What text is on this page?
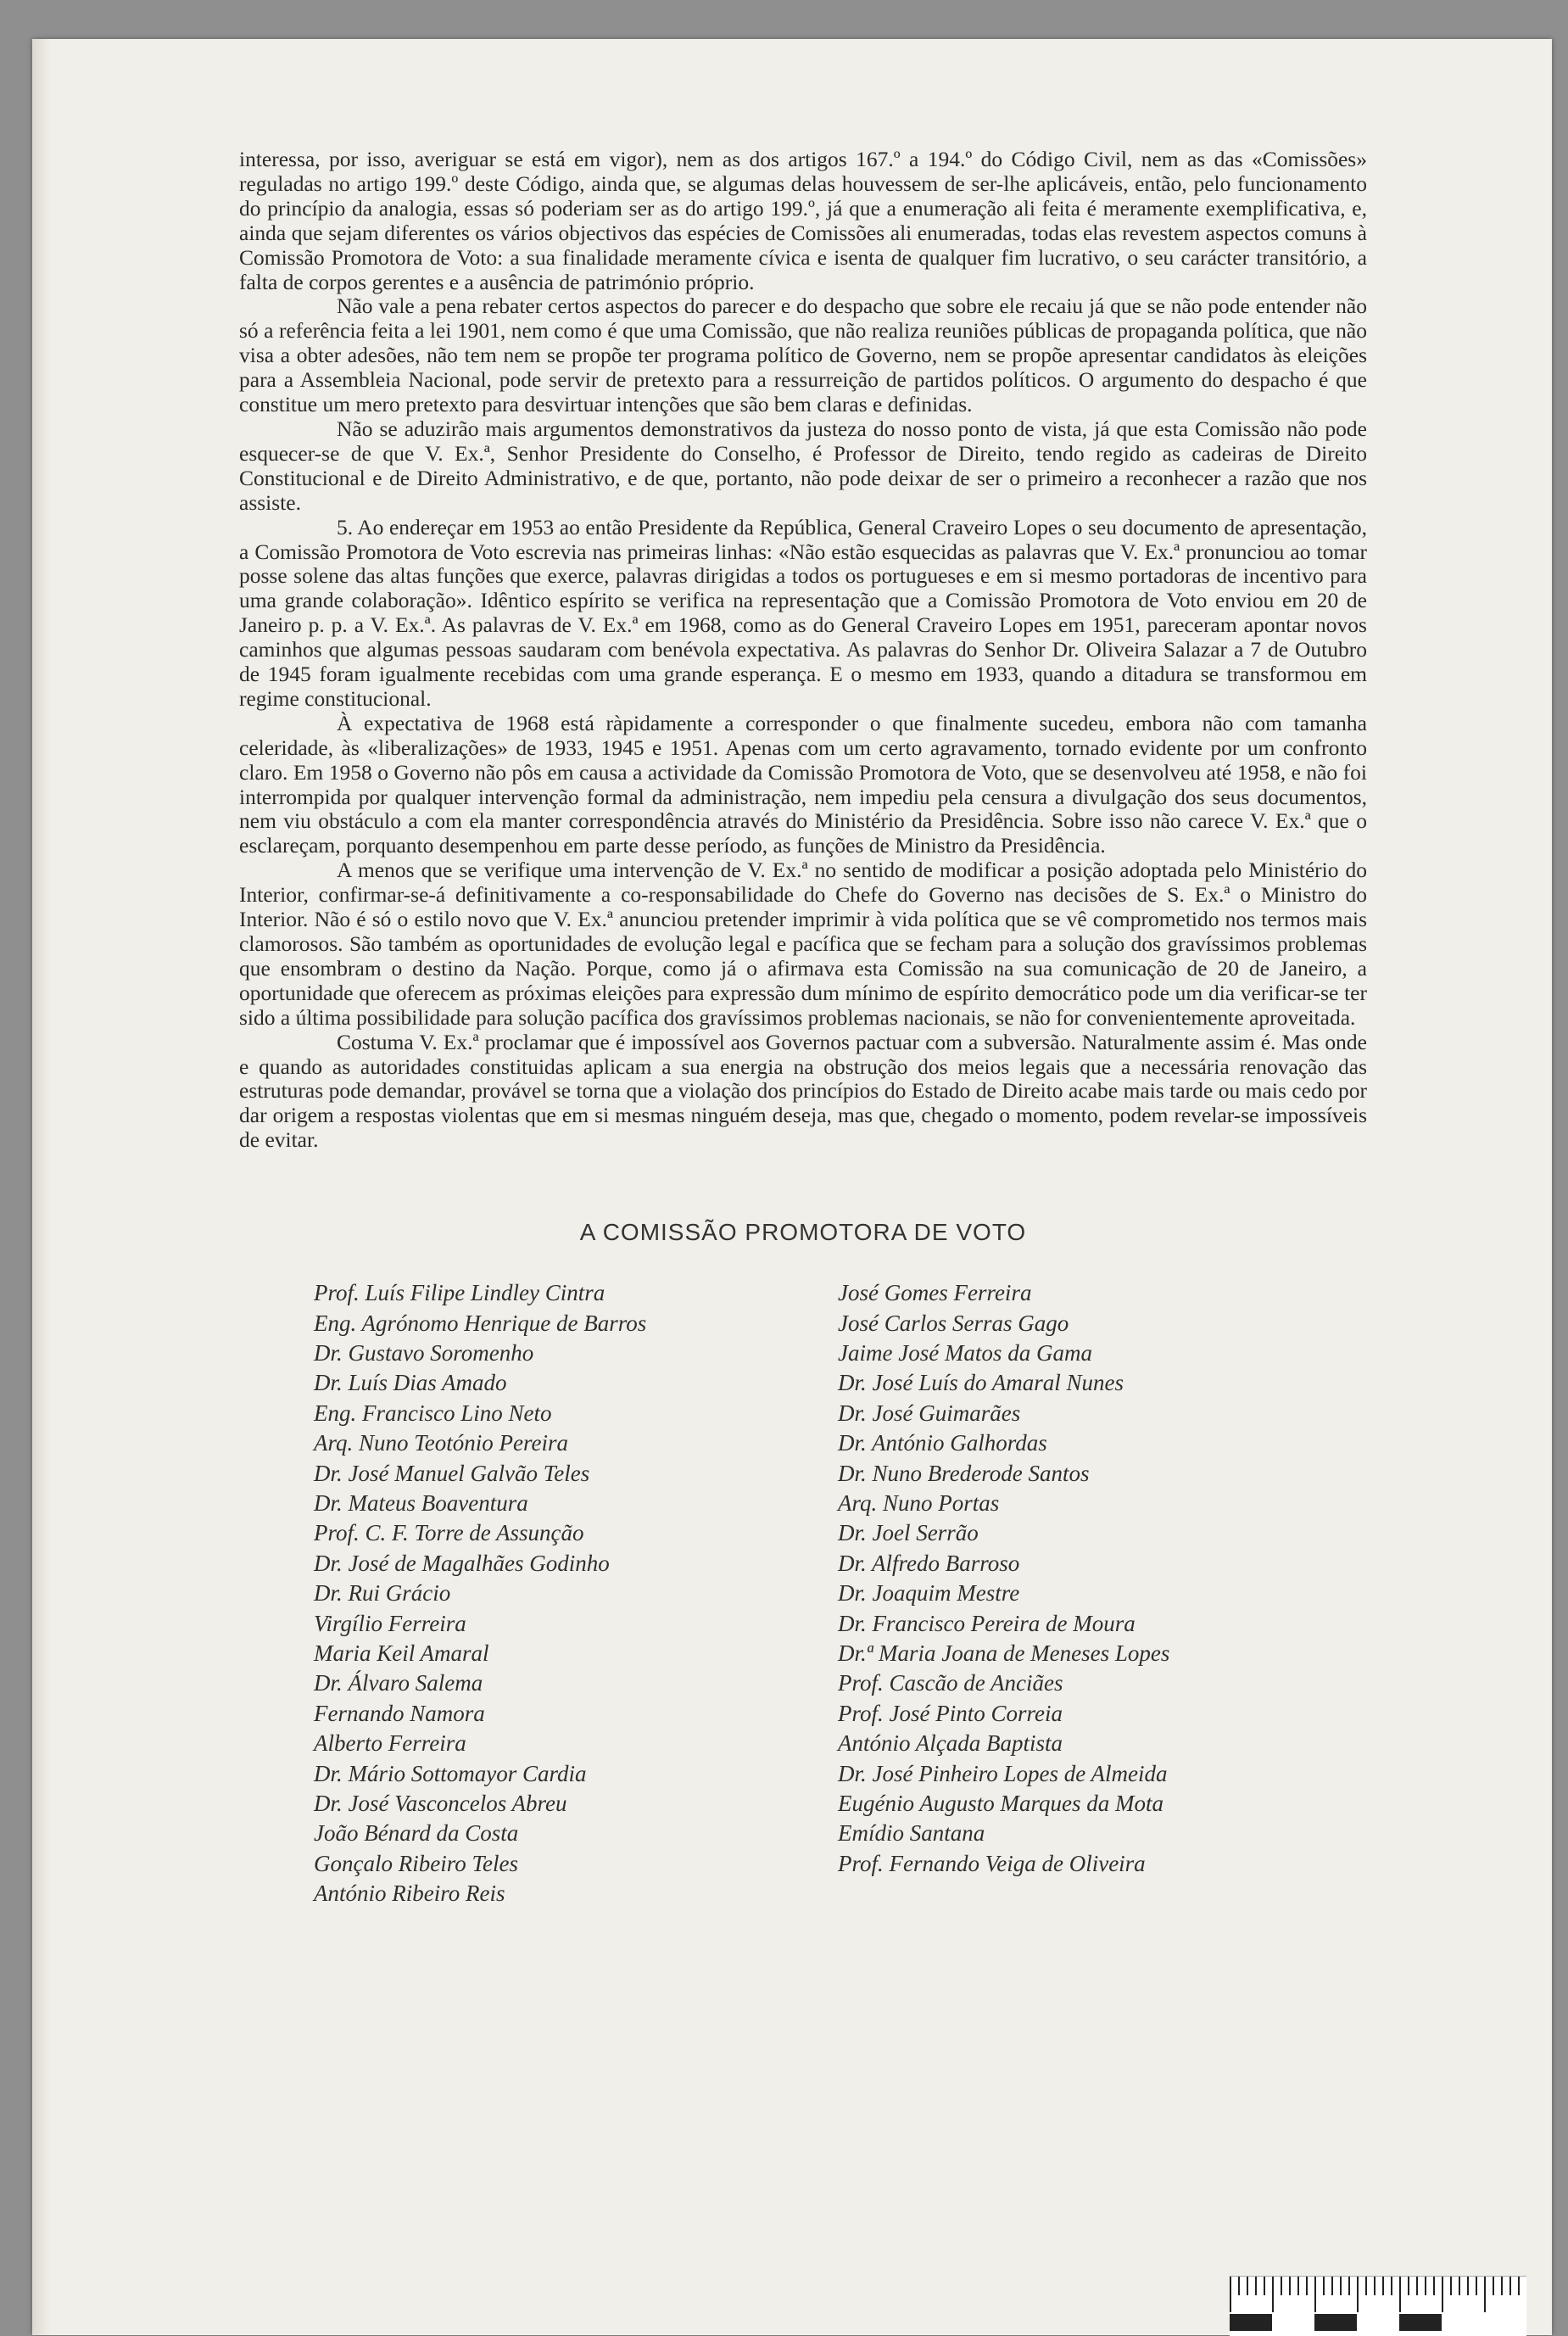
interessa, por isso, averiguar se está em vigor), nem as dos artigos 167.º a 194.º do Código Civil, nem as das «Comissões» reguladas no artigo 199.º deste Código, ainda que, se algumas delas houvessem de ser-lhe aplicáveis, então, pelo funcionamento do princípio da analogia, essas só poderiam ser as do artigo 199.º, já que a enumeração ali feita é meramente exemplificativa, e, ainda que sejam diferentes os vários objectivos das espécies de Comissões ali enumeradas, todas elas revestem aspectos comuns à Comissão Promotora de Voto: a sua finalidade meramente cívica e isenta de qualquer fim lucrativo, o seu carácter transitório, a falta de corpos gerentes e a ausência de património próprio.

Não vale a pena rebater certos aspectos do parecer e do despacho que sobre ele recaiu já que se não pode entender não só a referência feita a lei 1901, nem como é que uma Comissão, que não realiza reuniões públicas de propaganda política, que não visa a obter adesões, não tem nem se propõe ter programa político de Governo, nem se propõe apresentar candidatos às eleições para a Assembleia Nacional, pode servir de pretexto para a ressurreição de partidos políticos. O argumento do despacho é que constitue um mero pretexto para desvirtuar intenções que são bem claras e definidas.

Não se aduzirão mais argumentos demonstrativos da justeza do nosso ponto de vista, já que esta Comissão não pode esquecer-se de que V. Ex.ª, Senhor Presidente do Conselho, é Professor de Direito, tendo regido as cadeiras de Direito Constitucional e de Direito Administrativo, e de que, portanto, não pode deixar de ser o primeiro a reconhecer a razão que nos assiste.

5. Ao endereçar em 1953 ao então Presidente da República, General Craveiro Lopes o seu documento de apresentação, a Comissão Promotora de Voto escrevia nas primeiras linhas: «Não estão esquecidas as palavras que V. Ex.ª pronunciou ao tomar posse solene das altas funções que exerce, palavras dirigidas a todos os portugueses e em si mesmo portadoras de incentivo para uma grande colaboração». Idêntico espírito se verifica na representação que a Comissão Promotora de Voto enviou em 20 de Janeiro p. p. a V. Ex.ª. As palavras de V. Ex.ª em 1968, como as do General Craveiro Lopes em 1951, pareceram apontar novos caminhos que algumas pessoas saudaram com benévola expectativa. As palavras do Senhor Dr. Oliveira Salazar a 7 de Outubro de 1945 foram igualmente recebidas com uma grande esperança. E o mesmo em 1933, quando a ditadura se transformou em regime constitucional.

À expectativa de 1968 está ràpidamente a corresponder o que finalmente sucedeu, embora não com tamanha celeridade, às «liberalizações» de 1933, 1945 e 1951. Apenas com um certo agravamento, tornado evidente por um confronto claro. Em 1958 o Governo não pôs em causa a actividade da Comissão Promotora de Voto, que se desenvolveu até 1958, e não foi interrompida por qualquer intervenção formal da administração, nem impediu pela censura a divulgação dos seus documentos, nem viu obstáculo a com ela manter correspondência através do Ministério da Presidência. Sobre isso não carece V. Ex.ª que o esclareçam, porquanto desempenhou em parte desse período, as funções de Ministro da Presidência.

A menos que se verifique uma intervenção de V. Ex.ª no sentido de modificar a posição adoptada pelo Ministério do Interior, confirmar-se-á definitivamente a co-responsabilidade do Chefe do Governo nas decisões de S. Ex.ª o Ministro do Interior. Não é só o estilo novo que V. Ex.ª anunciou pretender imprimir à vida política que se vê comprometido nos termos mais clamorosos. São também as oportunidades de evolução legal e pacífica que se fecham para a solução dos gravíssimos problemas que ensombram o destino da Nação. Porque, como já o afirmava esta Comissão na sua comunicação de 20 de Janeiro, a oportunidade que oferecem as próximas eleições para expressão dum mínimo de espírito democrático pode um dia verificar-se ter sido a última possibilidade para solução pacífica dos gravíssimos problemas nacionais, se não for convenientemente aproveitada.

Costuma V. Ex.ª proclamar que é impossível aos Governos pactuar com a subversão. Naturalmente assim é. Mas onde e quando as autoridades constituidas aplicam a sua energia na obstrução dos meios legais que a necessária renovação das estruturas pode demandar, provável se torna que a violação dos princípios do Estado de Direito acabe mais tarde ou mais cedo por dar origem a respostas violentas que em si mesmas ninguém deseja, mas que, chegado o momento, podem revelar-se impossíveis de evitar.

A COMISSÃO PROMOTORA DE VOTO
Prof. Luís Filipe Lindley Cintra
Eng. Agrónomo Henrique de Barros
Dr. Gustavo Soromenho
Dr. Luís Dias Amado
Eng. Francisco Lino Neto
Arq. Nuno Teotónio Pereira
Dr. José Manuel Galvão Teles
Dr. Mateus Boaventura
Prof. C. F. Torre de Assunção
Dr. José de Magalhães Godinho
Dr. Rui Grácio
Virgílio Ferreira
Maria Keil Amaral
Dr. Álvaro Salema
Fernando Namora
Alberto Ferreira
Dr. Mário Sottomayor Cardia
Dr. José Vasconcelos Abreu
João Bénard da Costa
Gonçalo Ribeiro Teles
António Ribeiro Reis
José Gomes Ferreira
José Carlos Serras Gago
Jaime José Matos da Gama
Dr. José Luís do Amaral Nunes
Dr. José Guimarães
Dr. António Galhordas
Dr. Nuno Brederode Santos
Arq. Nuno Portas
Dr. Joel Serrão
Dr. Alfredo Barroso
Dr. Joaquim Mestre
Dr. Francisco Pereira de Moura
Dr.ª Maria Joana de Meneses Lopes
Prof. Cascão de Anciães
Prof. José Pinto Correia
António Alçada Baptista
Dr. José Pinheiro Lopes de Almeida
Eugénio Augusto Marques da Mota
Emídio Santana
Prof. Fernando Veiga de Oliveira
